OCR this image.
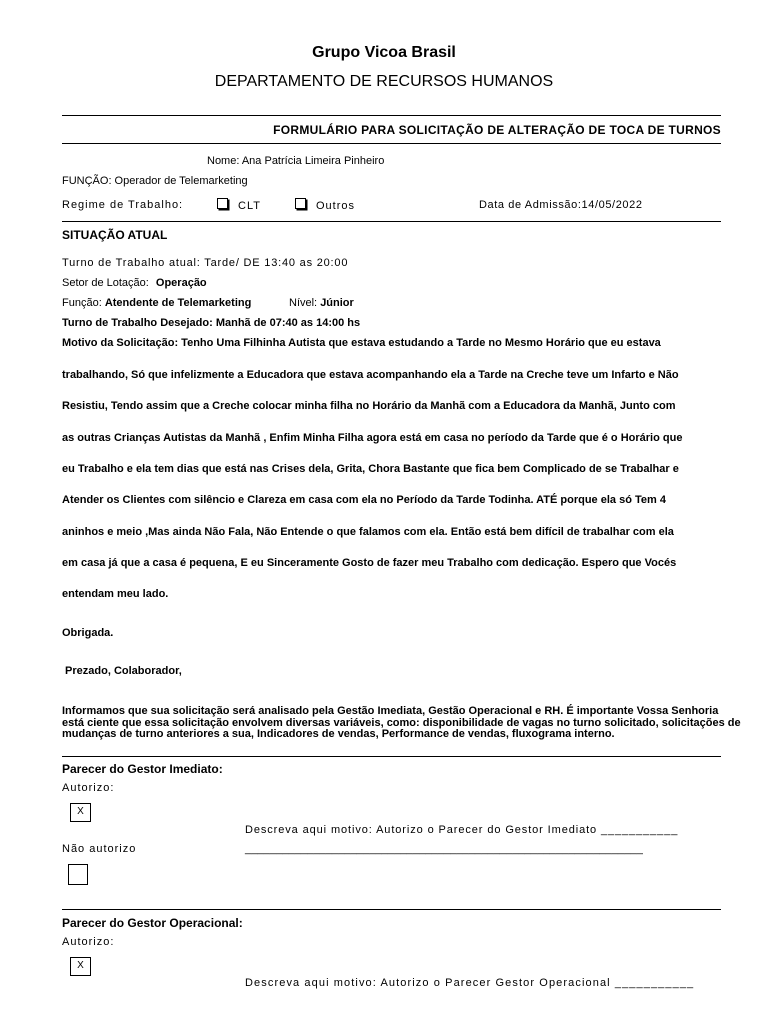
Grupo Vicoa Brasil
DEPARTAMENTO DE RECURSOS HUMANOS
FORMULÁRIO PARA SOLICITAÇÃO DE ALTERAÇÃO DE TOCA DE TURNOS
Nome: Ana Patrícia Limeira Pinheiro
FUNÇÃO: Operador de Telemarketing
Regime de Trabalho:	CLT	Outros	Data de Admissão:14/05/2022
SITUAÇÃO ATUAL
Turno de Trabalho atual: Tarde/ DE 13:40 as 20:00
Setor de Lotação: Operação
Função: Atendente de Telemarketing	Nível: Júnior
Turno de Trabalho Desejado: Manhã de 07:40 as 14:00 hs
Motivo da Solicitação: Tenho Uma Filhinha Autista que estava estudando a Tarde no Mesmo Horário que eu estava
trabalhando, Só que infelizmente a Educadora que estava acompanhando ela a Tarde na Creche teve um Infarto e Não
Resistiu, Tendo assim que a Creche colocar minha filha no Horário da Manhã com a Educadora da Manhã, Junto com
as outras Crianças Autistas da Manhã , Enfim Minha Filha agora está em casa no período da Tarde que é o Horário que
eu Trabalho e ela tem dias que está nas Crises dela, Grita, Chora Bastante que fica bem Complicado de se Trabalhar e
Atender os Clientes com silêncio e Clareza em casa com ela no Período da Tarde Todinha. ATÉ porque ela só Tem 4
aninhos e meio ,Mas ainda Não Fala, Não Entende o que falamos com ela. Então está bem difícil de trabalhar com ela
em casa já que a casa é pequena, E eu Sinceramente Gosto de fazer meu Trabalho com dedicação. Espero que Vocés
entendam meu lado.
Obrigada.
Prezado, Colaborador,
Informamos que sua solicitação será analisado pela Gestão Imediata, Gestão Operacional e RH. É importante Vossa Senhoria está ciente que essa solicitação envolvem diversas variáveis, como: disponibilidade de vagas no turno solicitado, solicitações de mudanças de turno anteriores a sua, Indicadores de vendas, Performance de vendas, fluxograma interno.
Parecer do Gestor Imediato:
Autorizo:
X
Descreva aqui motivo: Autorizo o Parecer do Gestor Imediato ___________
Não autorizo	________________________________________________________________
Parecer do Gestor Operacional:
Autorizo:
X
Descreva aqui motivo: Autorizo o Parecer Gestor Operacional ___________
